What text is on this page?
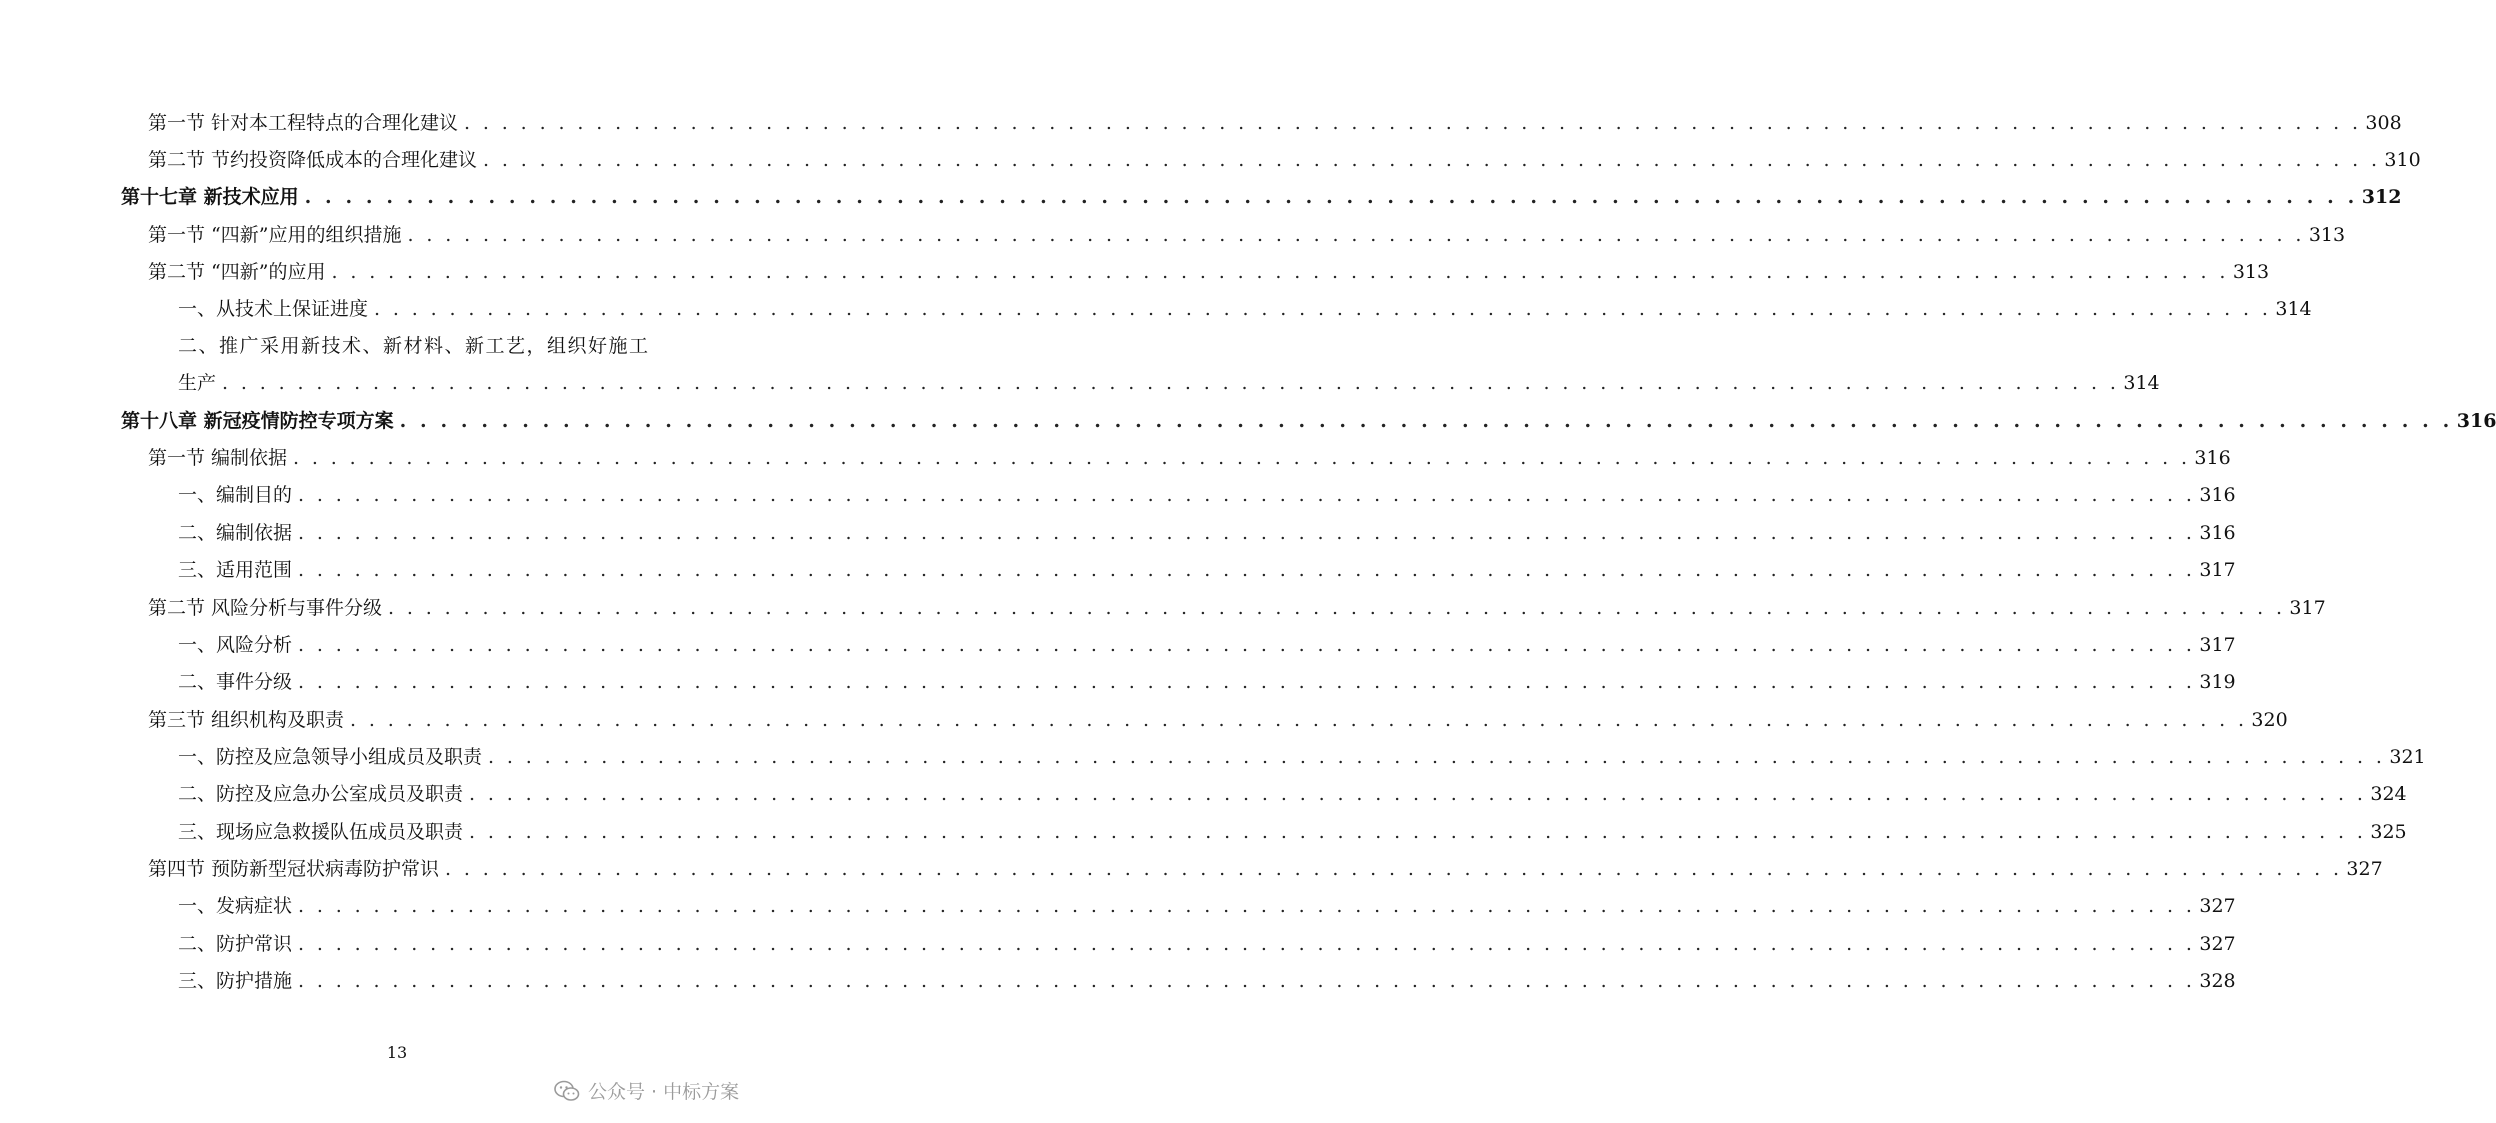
第一节 针对本工程特点的合理化建议 . . . . . . . . . . . . . . . . . . . . . . . . . . . . . . . . . . . . . . . . . . . . . . . . . . . . . . . . . . . . . . . . . . . . . . . . . . . . . . . . . . . . . . . . . . . . . . . . . . . . . 308
第二节 节约投资降低成本的合理化建议 . . . . . . . . . . . . . . . . . . . . . . . . . . . . . . . . . . . . . . . . . . . . . . . . . . . . . . . . . . . . . . . . . . . . . . . . . . . . . . . . . . . . . . . . . . . . . . . . . . . . . 310
第十七章 新技术应用 . . . . . . . . . . . . . . . . . . . . . . . . . . . . . . . . . . . . . . . . . . . . . . . . . . . . . . . . . . . . . . . . . . . . . . . . . . . . . . . . . . . . . . . . . . . . . . . . . . . . . 312
第一节 “四新”应用的组织措施 . . . . . . . . . . . . . . . . . . . . . . . . . . . . . . . . . . . . . . . . . . . . . . . . . . . . . . . . . . . . . . . . . . . . . . . . . . . . . . . . . . . . . . . . . . . . . . . . . . . . . 313
第二节 “四新”的应用 . . . . . . . . . . . . . . . . . . . . . . . . . . . . . . . . . . . . . . . . . . . . . . . . . . . . . . . . . . . . . . . . . . . . . . . . . . . . . . . . . . . . . . . . . . . . . . . . . . . . . 313
一、从技术上保证进度 . . . . . . . . . . . . . . . . . . . . . . . . . . . . . . . . . . . . . . . . . . . . . . . . . . . . . . . . . . . . . . . . . . . . . . . . . . . . . . . . . . . . . . . . . . . . . . . . . . . . . 314
二、推广采用新技术、新材料、新工艺，组织好施工
生产 . . . . . . . . . . . . . . . . . . . . . . . . . . . . . . . . . . . . . . . . . . . . . . . . . . . . . . . . . . . . . . . . . . . . . . . . . . . . . . . . . . . . . . . . . . . . . . . . . . . . . 314
第十八章 新冠疫情防控专项方案 . . . . . . . . . . . . . . . . . . . . . . . . . . . . . . . . . . . . . . . . . . . . . . . . . . . . . . . . . . . . . . . . . . . . . . . . . . . . . . . . . . . . . . . . . . . . . . . . . . . . . 316
第一节 编制依据 . . . . . . . . . . . . . . . . . . . . . . . . . . . . . . . . . . . . . . . . . . . . . . . . . . . . . . . . . . . . . . . . . . . . . . . . . . . . . . . . . . . . . . . . . . . . . . . . . . . . . 316
一、编制目的 . . . . . . . . . . . . . . . . . . . . . . . . . . . . . . . . . . . . . . . . . . . . . . . . . . . . . . . . . . . . . . . . . . . . . . . . . . . . . . . . . . . . . . . . . . . . . . . . . . . . . 316
二、编制依据 . . . . . . . . . . . . . . . . . . . . . . . . . . . . . . . . . . . . . . . . . . . . . . . . . . . . . . . . . . . . . . . . . . . . . . . . . . . . . . . . . . . . . . . . . . . . . . . . . . . . . 316
三、适用范围 . . . . . . . . . . . . . . . . . . . . . . . . . . . . . . . . . . . . . . . . . . . . . . . . . . . . . . . . . . . . . . . . . . . . . . . . . . . . . . . . . . . . . . . . . . . . . . . . . . . . . 317
第二节 风险分析与事件分级 . . . . . . . . . . . . . . . . . . . . . . . . . . . . . . . . . . . . . . . . . . . . . . . . . . . . . . . . . . . . . . . . . . . . . . . . . . . . . . . . . . . . . . . . . . . . . . . . . . . . . 317
一、风险分析 . . . . . . . . . . . . . . . . . . . . . . . . . . . . . . . . . . . . . . . . . . . . . . . . . . . . . . . . . . . . . . . . . . . . . . . . . . . . . . . . . . . . . . . . . . . . . . . . . . . . . 317
二、事件分级 . . . . . . . . . . . . . . . . . . . . . . . . . . . . . . . . . . . . . . . . . . . . . . . . . . . . . . . . . . . . . . . . . . . . . . . . . . . . . . . . . . . . . . . . . . . . . . . . . . . . . 319
第三节 组织机构及职责 . . . . . . . . . . . . . . . . . . . . . . . . . . . . . . . . . . . . . . . . . . . . . . . . . . . . . . . . . . . . . . . . . . . . . . . . . . . . . . . . . . . . . . . . . . . . . . . . . . . . . 320
一、防控及应急领导小组成员及职责 . . . . . . . . . . . . . . . . . . . . . . . . . . . . . . . . . . . . . . . . . . . . . . . . . . . . . . . . . . . . . . . . . . . . . . . . . . . . . . . . . . . . . . . . . . . . . . . . . . . . . 321
二、防控及应急办公室成员及职责 . . . . . . . . . . . . . . . . . . . . . . . . . . . . . . . . . . . . . . . . . . . . . . . . . . . . . . . . . . . . . . . . . . . . . . . . . . . . . . . . . . . . . . . . . . . . . . . . . . . . . 324
三、现场应急救援队伍成员及职责 . . . . . . . . . . . . . . . . . . . . . . . . . . . . . . . . . . . . . . . . . . . . . . . . . . . . . . . . . . . . . . . . . . . . . . . . . . . . . . . . . . . . . . . . . . . . . . . . . . . . . 325
第四节 预防新型冠状病毒防护常识 . . . . . . . . . . . . . . . . . . . . . . . . . . . . . . . . . . . . . . . . . . . . . . . . . . . . . . . . . . . . . . . . . . . . . . . . . . . . . . . . . . . . . . . . . . . . . . . . . . . . . 327
一、发病症状 . . . . . . . . . . . . . . . . . . . . . . . . . . . . . . . . . . . . . . . . . . . . . . . . . . . . . . . . . . . . . . . . . . . . . . . . . . . . . . . . . . . . . . . . . . . . . . . . . . . . . 327
二、防护常识 . . . . . . . . . . . . . . . . . . . . . . . . . . . . . . . . . . . . . . . . . . . . . . . . . . . . . . . . . . . . . . . . . . . . . . . . . . . . . . . . . . . . . . . . . . . . . . . . . . . . . 327
三、防护措施 . . . . . . . . . . . . . . . . . . . . . . . . . . . . . . . . . . . . . . . . . . . . . . . . . . . . . . . . . . . . . . . . . . . . . . . . . . . . . . . . . . . . . . . . . . . . . . . . . . . . . 328
13
公众号 · 中标方案
